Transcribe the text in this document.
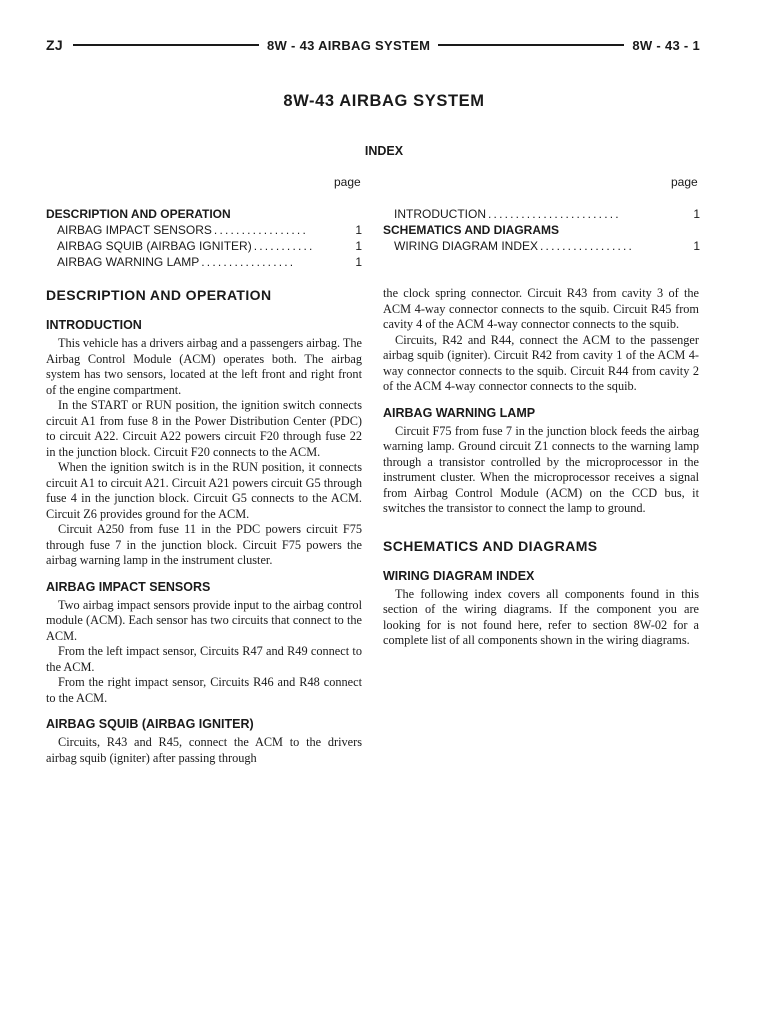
ZJ	8W - 43 AIRBAG SYSTEM	8W - 43 - 1
8W-43 AIRBAG SYSTEM
INDEX
page	page
DESCRIPTION AND OPERATION
AIRBAG IMPACT SENSORS .................	1
AIRBAG SQUIB (AIRBAG IGNITER) ...........	1
AIRBAG WARNING LAMP .................	1
INTRODUCTION ........................	1
SCHEMATICS AND DIAGRAMS
WIRING DIAGRAM INDEX .................	1
DESCRIPTION AND OPERATION
INTRODUCTION

This vehicle has a drivers airbag and a passengers airbag. The Airbag Control Module (ACM) operates both. The airbag system has two sensors, located at the left front and right front of the engine compartment.

In the START or RUN position, the ignition switch connects circuit A1 from fuse 8 in the Power Distribution Center (PDC) to circuit A22. Circuit A22 powers circuit F20 through fuse 22 in the junction block. Circuit F20 connects to the ACM.

When the ignition switch is in the RUN position, it connects circuit A1 to circuit A21. Circuit A21 powers circuit G5 through fuse 4 in the junction block. Circuit G5 connects to the ACM. Circuit Z6 provides ground for the ACM.

Circuit A250 from fuse 11 in the PDC powers circuit F75 through fuse 7 in the junction block. Circuit F75 powers the airbag warning lamp in the instrument cluster.

AIRBAG IMPACT SENSORS

Two airbag impact sensors provide input to the airbag control module (ACM). Each sensor has two circuits that connect to the ACM.

From the left impact sensor, Circuits R47 and R49 connect to the ACM.

From the right impact sensor, Circuits R46 and R48 connect to the ACM.

AIRBAG SQUIB (AIRBAG IGNITER)

Circuits, R43 and R45, connect the ACM to the drivers airbag squib (igniter) after passing through

the clock spring connector. Circuit R43 from cavity 3 of the ACM 4-way connector connects to the squib. Circuit R45 from cavity 4 of the ACM 4-way connector connects to the squib.

Circuits, R42 and R44, connect the ACM to the passenger airbag squib (igniter). Circuit R42 from cavity 1 of the ACM 4-way connector connects to the squib. Circuit R44 from cavity 2 of the ACM 4-way connector connects to the squib.

AIRBAG WARNING LAMP

Circuit F75 from fuse 7 in the junction block feeds the airbag warning lamp. Ground circuit Z1 connects to the warning lamp through a transistor controlled by the microprocessor in the instrument cluster. When the microprocessor receives a signal from Airbag Control Module (ACM) on the CCD bus, it switches the transistor to connect the lamp to ground.

SCHEMATICS AND DIAGRAMS
WIRING DIAGRAM INDEX

The following index covers all components found in this section of the wiring diagrams. If the component you are looking for is not found here, refer to section 8W-02 for a complete list of all components shown in the wiring diagrams.
